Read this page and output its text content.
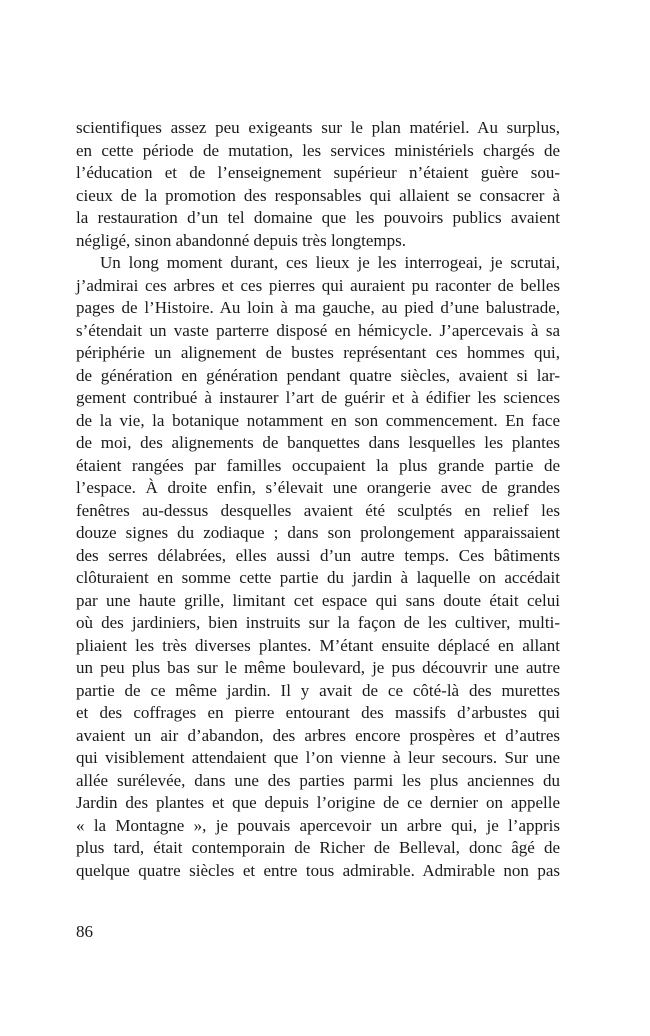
scientifiques assez peu exigeants sur le plan matériel. Au surplus,
en cette période de mutation, les services ministériels chargés de
l’éducation et de l’enseignement supérieur n’étaient guère sou-
cieux de la promotion des responsables qui allaient se consacrer à
la restauration d’un tel domaine que les pouvoirs publics avaient
négligé, sinon abandonné depuis très longtemps.
Un long moment durant, ces lieux je les interrogeai, je scrutai,
j’admirai ces arbres et ces pierres qui auraient pu raconter de belles
pages de l’Histoire. Au loin à ma gauche, au pied d’une balustrade,
s’étendait un vaste parterre disposé en hémicycle. J’apercevais à sa
périphérie un alignement de bustes représentant ces hommes qui,
de génération en génération pendant quatre siècles, avaient si lar-
gement contribué à instaurer l’art de guérir et à édifier les sciences
de la vie, la botanique notamment en son commencement. En face
de moi, des alignements de banquettes dans lesquelles les plantes
étaient rangées par familles occupaient la plus grande partie de
l’espace. À droite enfin, s’élevait une orangerie avec de grandes
fenêtres au-dessus desquelles avaient été sculptés en relief les
douze signes du zodiaque ; dans son prolongement apparaissaient
des serres délabrées, elles aussi d’un autre temps. Ces bâtiments
clôturaient en somme cette partie du jardin à laquelle on accédait
par une haute grille, limitant cet espace qui sans doute était celui
où des jardiniers, bien instruits sur la façon de les cultiver, multi-
pliaient les très diverses plantes. M’étant ensuite déplacé en allant
un peu plus bas sur le même boulevard, je pus découvrir une autre
partie de ce même jardin. Il y avait de ce côté-là des murettes
et des coffrages en pierre entourant des massifs d’arbustes qui
avaient un air d’abandon, des arbres encore prospères et d’autres
qui visiblement attendaient que l’on vienne à leur secours. Sur une
allée surélevée, dans une des parties parmi les plus anciennes du
Jardin des plantes et que depuis l’origine de ce dernier on appelle
« la Montagne », je pouvais apercevoir un arbre qui, je l’appris
plus tard, était contemporain de Richer de Belleval, donc âgé de
quelque quatre siècles et entre tous admirable. Admirable non pas
86
